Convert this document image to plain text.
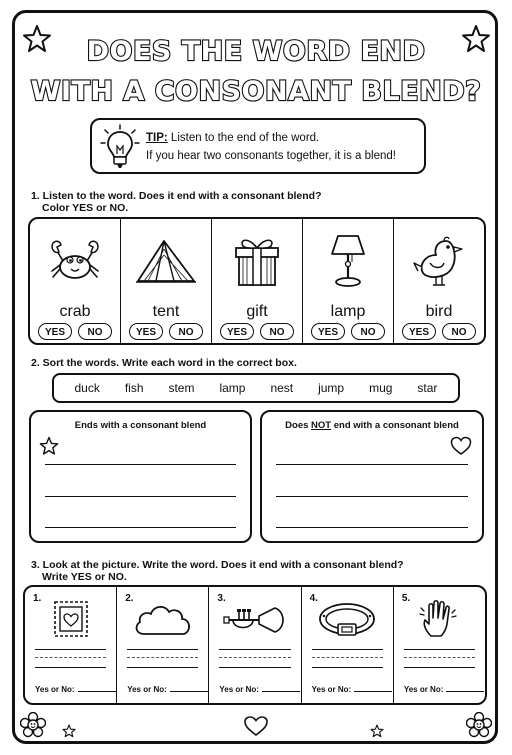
DOES THE WORD END
WITH A CONSONANT BLEND?
TIP: Listen to the end of the word.
If you hear two consonants together, it is a blend!
1. Listen to the word. Does it end with a consonant blend?
Color YES or NO.
crab
YES	NO
tent
YES	NO
gift
YES	NO
lamp
YES	NO
bird
YES	NO
2. Sort the words. Write each word in the correct box.
duck fish stem lamp nest jump mug star
Ends with a consonant blend	Does NOT end with a consonant blend
3. Look at the picture. Write the word. Does it end with a consonant blend?
Write YES or NO.
1.
Yes or No:
2.
Yes or No:
3.
Yes or No:
4.
Yes or No:
5.
Yes or No:
